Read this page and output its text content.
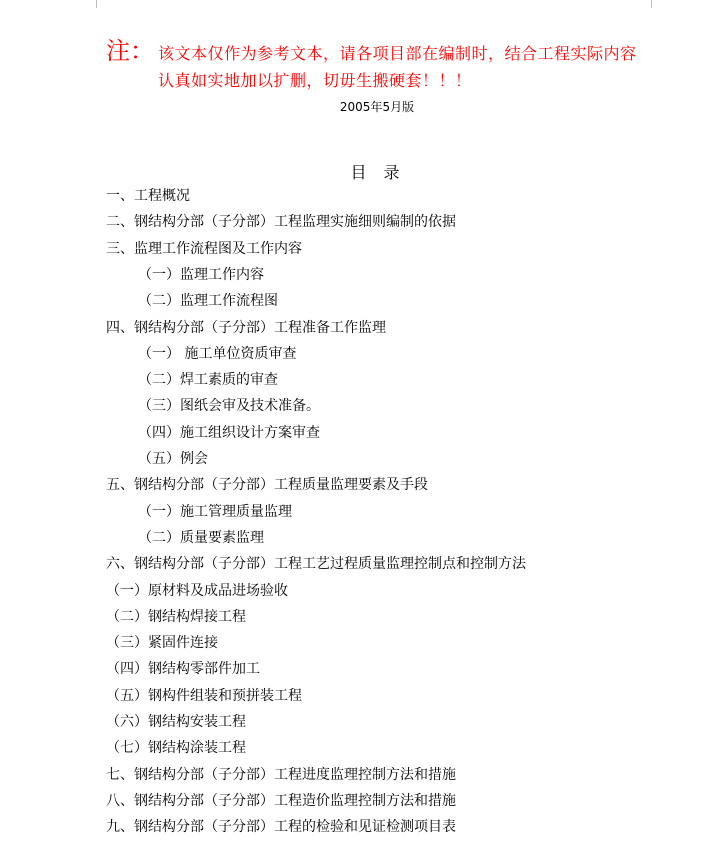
注： 该文本仅作为参考文本，请各项目部在编制时，结合工程实际内容
认真如实地加以扩删，切毋生搬硬套！！！
2005年5月版
目 录
一、工程概况
二、钢结构分部（子分部）工程监理实施细则编制的依据
三、监理工作流程图及工作内容
（一）监理工作内容
（二）监理工作流程图
四、钢结构分部（子分部）工程准备工作监理
（一） 施工单位资质审查
（二）焊工素质的审查
（三）图纸会审及技术准备。
（四）施工组织设计方案审查
（五）例会
五、钢结构分部（子分部）工程质量监理要素及手段
（一）施工管理质量监理
（二）质量要素监理
六、钢结构分部（子分部）工程工艺过程质量监理控制点和控制方法
（一）原材料及成品进场验收
（二）钢结构焊接工程
（三）紧固件连接
（四）钢结构零部件加工
（五）钢构件组装和预拼装工程
（六）钢结构安装工程
（七）钢结构涂装工程
七、钢结构分部（子分部）工程进度监理控制方法和措施
八、钢结构分部（子分部）工程造价监理控制方法和措施
九、钢结构分部（子分部）工程的检验和见证检测项目表
